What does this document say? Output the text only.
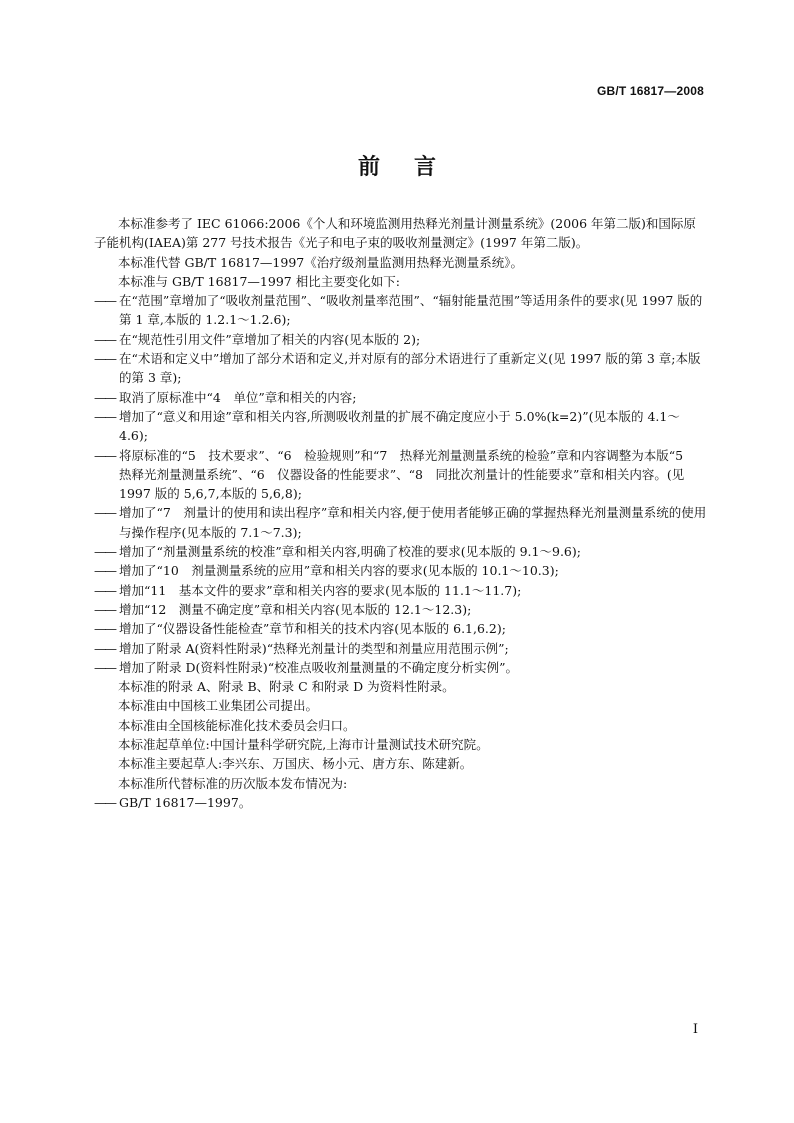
GB/T 16817—2008
前言

本标准参考了 IEC 61066:2006《个人和环境监测用热释光剂量计测量系统》(2006 年第二版)和国际原子能机构(IAEA)第 277 号技术报告《光子和电子束的吸收剂量测定》(1997 年第二版)。

本标准代替 GB/T 16817—1997《治疗级剂量监测用热释光测量系统》。

本标准与 GB/T 16817—1997 相比主要变化如下:

—— 在“范围”章增加了“吸收剂量范围”、“吸收剂量率范围”、“辐射能量范围”等适用条件的要求(见 1997 版的第 1 章,本版的 1.2.1～1.2.6);
—— 在“规范性引用文件”章增加了相关的内容(见本版的 2);
—— 在“术语和定义中”增加了部分术语和定义,并对原有的部分术语进行了重新定义(见 1997 版的第 3 章;本版的第 3 章);
—— 取消了原标准中“4　单位”章和相关的内容;
—— 增加了“意义和用途”章和相关内容,所测吸收剂量的扩展不确定度应小于 5.0%(k=2)”(见本版的 4.1～4.6);
—— 将原标准的“5　技术要求”、“6　检验规则”和“7　热释光剂量测量系统的检验”章和内容调整为本版“5　热释光剂量测量系统”、“6　仪器设备的性能要求”、“8　同批次剂量计的性能要求”章和相关内容。(见 1997 版的 5,6,7,本版的 5,6,8);
—— 增加了“7　剂量计的使用和读出程序”章和相关内容,便于使用者能够正确的掌握热释光剂量测量系统的使用与操作程序(见本版的 7.1～7.3);
—— 增加了“剂量测量系统的校准”章和相关内容,明确了校准的要求(见本版的 9.1～9.6);
—— 增加了“10　剂量测量系统的应用”章和相关内容的要求(见本版的 10.1～10.3);
—— 增加“11　基本文件的要求”章和相关内容的要求(见本版的 11.1～11.7);
—— 增加“12　测量不确定度”章和相关内容(见本版的 12.1～12.3);
—— 增加了“仪器设备性能检查”章节和相关的技术内容(见本版的 6.1,6.2);
—— 增加了附录 A(资料性附录)“热释光剂量计的类型和剂量应用范围示例”;
—— 增加了附录 D(资料性附录)“校准点吸收剂量测量的不确定度分析实例”。

本标准的附录 A、附录 B、附录 C 和附录 D 为资料性附录。

本标准由中国核工业集团公司提出。

本标准由全国核能标准化技术委员会归口。

本标准起草单位:中国计量科学研究院,上海市计量测试技术研究院。

本标准主要起草人:李兴东、万国庆、杨小元、唐方东、陈建新。

本标准所代替标准的历次版本发布情况为:

—— GB/T 16817—1997。
I
